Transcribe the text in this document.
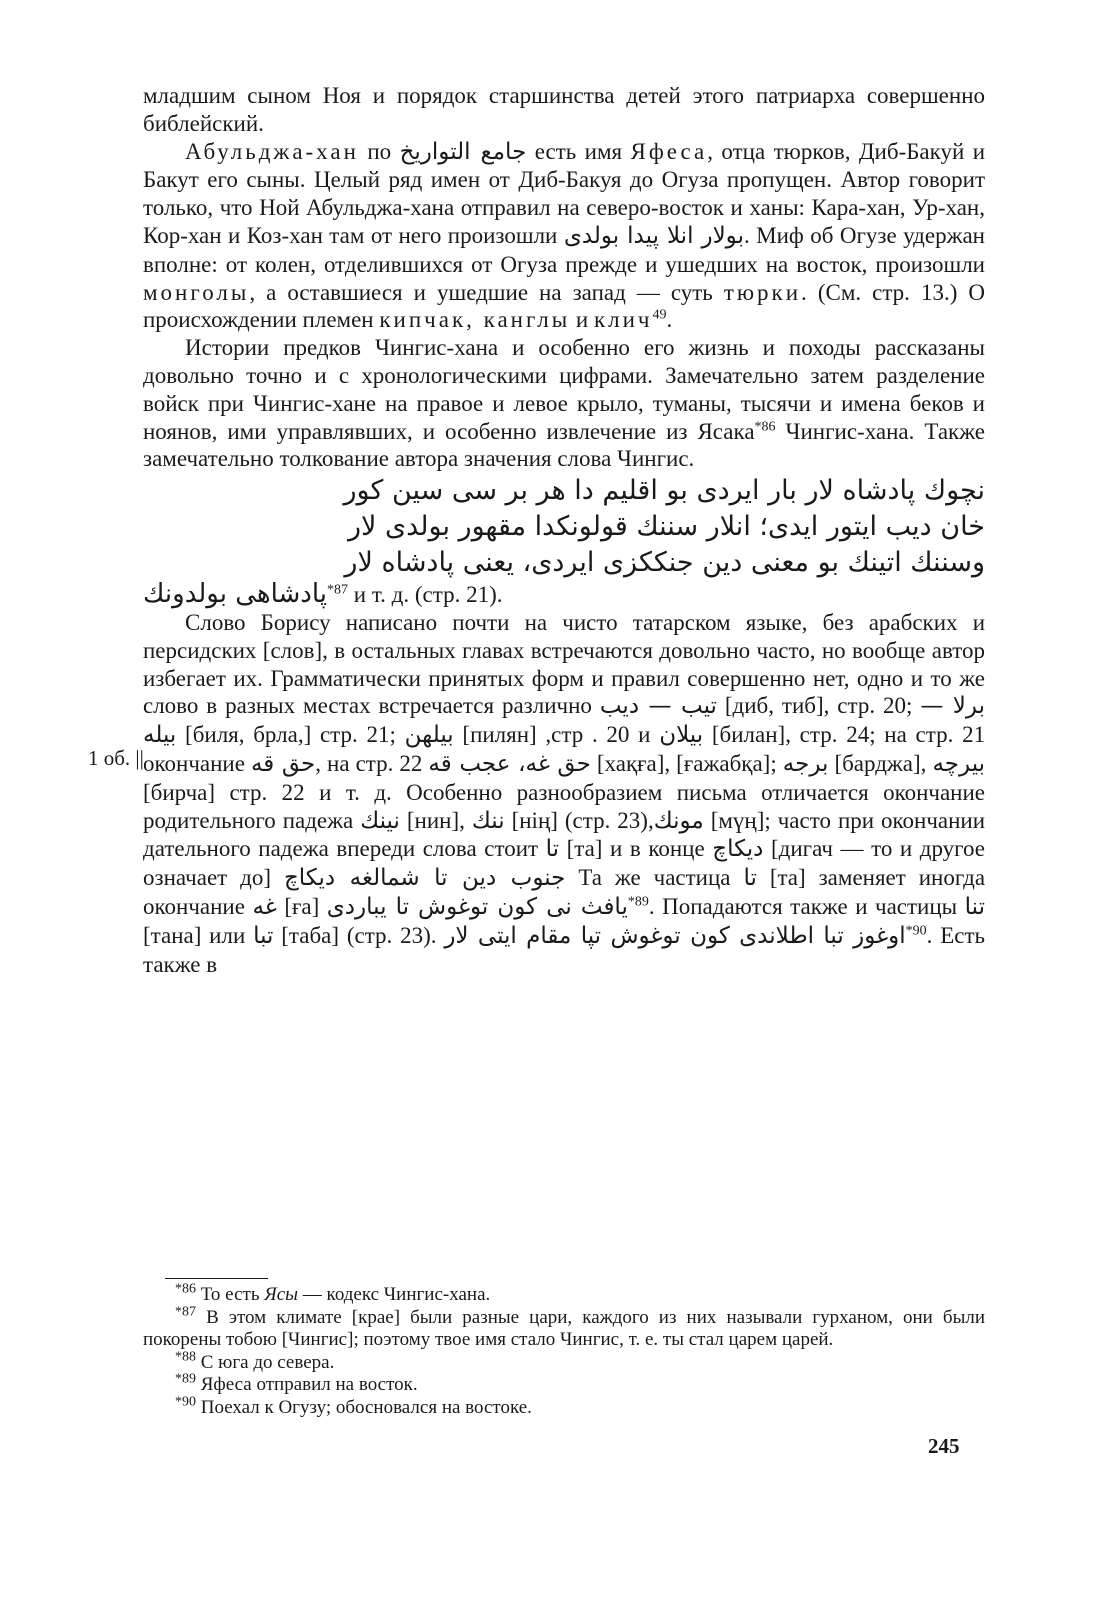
младшим сыном Ноя и порядок старшинства детей этого патриарха совершенно библейский.

Абульджа-хан по جامع التواريخ есть имя Яфеса, отца тюрков, Диб-Бакуй и Бакут его сыны. Целый ряд имен от Диб-Бакуя до Огуза пропущен. Автор говорит только, что Ной Абульджа-хана отправил на северо-восток и ханы: Кара-хан, Ур-хан, Кор-хан и Коз-хан там от него произошли بولار انلا پیدا بولدی. Миф об Огузе удержан вполне: от колен, отделившихся от Огуза прежде и ушедших на восток, произошли монголы, а оставшиеся и ушедшие на запад — суть тюрки. (См. стр. 13.) О происхождении племен кипчак, канглы и клич$^{49}$.

Истории предков Чингис-хана и особенно его жизнь и походы рассказаны довольно точно и с хронологическими цифрами. Замечательно затем разделение войск при Чингис-хане на правое и левое крыло, туманы, тысячи и имена беков и ноянов, ими управлявших, и особенно извлечение из Ясака$^{*86}$ Чингис-хана. Также замечательно толкование автора значения слова Чингис.

نچوك پادشاه لار بار ایردی بو اقلیم دا هر بر سی سین کور

خان دیب ایتور ایدی؛ انلار سننك قولونكدا مقهور بولدی لار

وسننك اتینك بو معنی دین جنککزی ایردی، یعنی پادشاه لار

پادشاهی بولدونك$^{*87}$ и т. д. (стр. 21).

Слово Борису написано почти на чисто татарском языке, без арабских и персидских [слов], в остальных главах встречаются довольно часто, но вообще автор избегает их. Грамматически принятых форм и правил совершенно нет, одно и то же слово в разных местах встречается различно تیب — دیب [диб, тиб], стр. 20; برلا — بیله [биля, брла,] стр. 21; بیلهن [пилян] ,стр . 20 и بیلان [билан], стр. 24; на стр. 21 окончание حق قه, на стр. 22 حق غه، عجب قه [хақға], [ғажабқа]; برجه [барджа], بیرچه [бирча] стр. 22 и т. д. Особенно разнообразием письма отличается окончание родительного падежа نینك [нин], ننك [нiң] (стр. 23),مونك [мүң]; часто при окончании дательного падежа впереди слова стоит تا [та] и в конце دیکاچ [дигач — то и другое означает до] جنوب دین تا شمالغه دیکاچ Та же частица تا [та] заменяет иногда окончание غه [ға] یافث نی کون توغوش تا یباردی$^{*89}$. Попадаются также и частицы تنا [тана] или تبا [таба] (стр. 23). اوغوز تبا اطلاندی کون توغوش تپا مقام ایتی لار$^{*90}$. Есть также в

1 об. ||

$^{*86}$ То есть Ясы — кодекс Чингис-хана.

$^{*87}$ В этом климате [крае] были разные цари, каждого из них называли гурханом, они были покорены тобою [Чингис]; поэтому твое имя стало Чингис, т. е. ты стал царем царей.

$^{*88}$ С юга до севера.

$^{*89}$ Яфеса отправил на восток.

$^{*90}$ Поехал к Огузу; обосновался на востоке.

245
